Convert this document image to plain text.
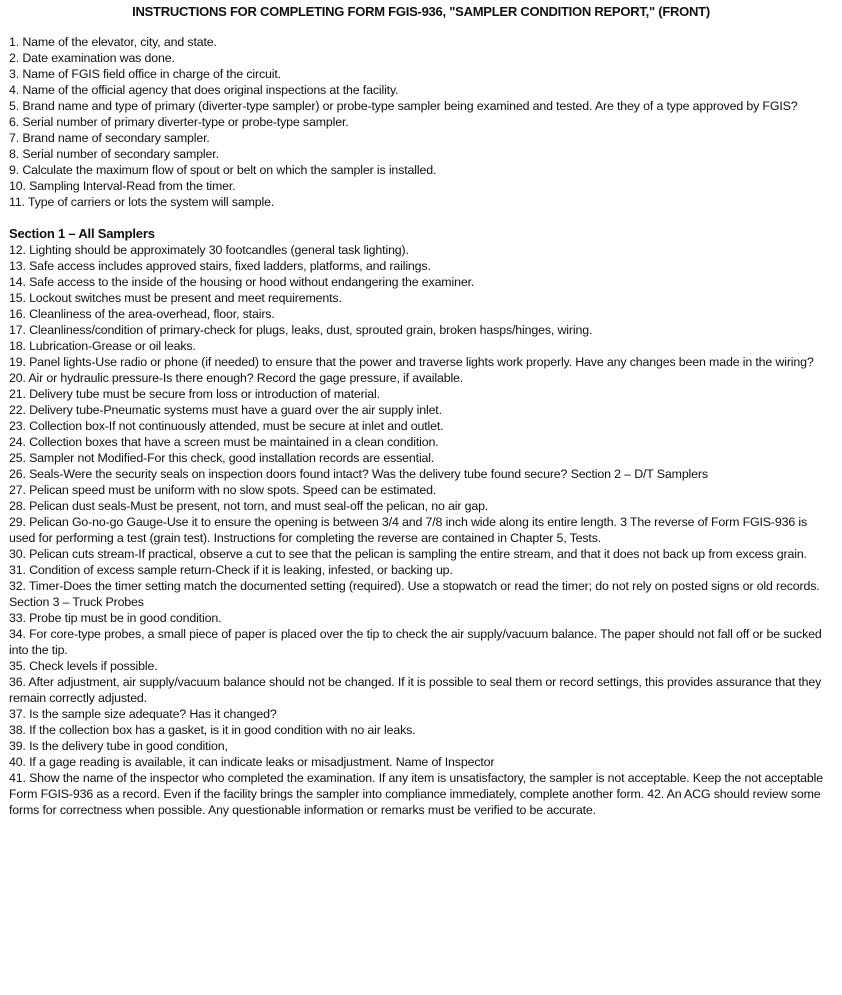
INSTRUCTIONS FOR COMPLETING FORM FGIS-936, "SAMPLER CONDITION REPORT," (FRONT)
1. Name of the elevator, city, and state.
2. Date examination was done.
3. Name of FGIS field office in charge of the circuit.
4. Name of the official agency that does original inspections at the facility.
5. Brand name and type of primary (diverter-type sampler) or probe-type sampler being examined and tested. Are they of a type approved by FGIS?
6. Serial number of primary diverter-type or probe-type sampler.
7. Brand name of secondary sampler.
8. Serial number of secondary sampler.
9. Calculate the maximum flow of spout or belt on which the sampler is installed.
10. Sampling Interval-Read from the timer.
11. Type of carriers or lots the system will sample.
Section 1 – All Samplers
12. Lighting should be approximately 30 footcandles (general task lighting).
13. Safe access includes approved stairs, fixed ladders, platforms, and railings.
14. Safe access to the inside of the housing or hood without endangering the examiner.
15. Lockout switches must be present and meet requirements.
16. Cleanliness of the area-overhead, floor, stairs.
17. Cleanliness/condition of primary-check for plugs, leaks, dust, sprouted grain, broken hasps/hinges, wiring.
18. Lubrication-Grease or oil leaks.
19. Panel lights-Use radio or phone (if needed) to ensure that the power and traverse lights work properly. Have any changes been made in the wiring?
20. Air or hydraulic pressure-Is there enough? Record the gage pressure, if available.
21. Delivery tube must be secure from loss or introduction of material.
22. Delivery tube-Pneumatic systems must have a guard over the air supply inlet.
23. Collection box-If not continuously attended, must be secure at inlet and outlet.
24. Collection boxes that have a screen must be maintained in a clean condition.
25. Sampler not Modified-For this check, good installation records are essential.
26. Seals-Were the security seals on inspection doors found intact? Was the delivery tube found secure? Section 2 – D/T Samplers
27. Pelican speed must be uniform with no slow spots. Speed can be estimated.
28. Pelican dust seals-Must be present, not torn, and must seal-off the pelican, no air gap.
29. Pelican Go-no-go Gauge-Use it to ensure the opening is between 3/4 and 7/8 inch wide along its entire length. 3 The reverse of Form FGIS-936 is used for performing a test (grain test). Instructions for completing the reverse are contained in Chapter 5, Tests.
30. Pelican cuts stream-If practical, observe a cut to see that the pelican is sampling the entire stream, and that it does not back up from excess grain.
31. Condition of excess sample return-Check if it is leaking, infested, or backing up.
32. Timer-Does the timer setting match the documented setting (required). Use a stopwatch or read the timer; do not rely on posted signs or old records. Section 3 – Truck Probes
33. Probe tip must be in good condition.
34. For core-type probes, a small piece of paper is placed over the tip to check the air supply/vacuum balance. The paper should not fall off or be sucked into the tip.
35. Check levels if possible.
36. After adjustment, air supply/vacuum balance should not be changed. If it is possible to seal them or record settings, this provides assurance that they remain correctly adjusted.
37. Is the sample size adequate? Has it changed?
38. If the collection box has a gasket, is it in good condition with no air leaks.
39. Is the delivery tube in good condition,
40. If a gage reading is available, it can indicate leaks or misadjustment. Name of Inspector
41. Show the name of the inspector who completed the examination. If any item is unsatisfactory, the sampler is not acceptable. Keep the not acceptable Form FGIS-936 as a record. Even if the facility brings the sampler into compliance immediately, complete another form. 42. An ACG should review some forms for correctness when possible. Any questionable information or remarks must be verified to be accurate.
